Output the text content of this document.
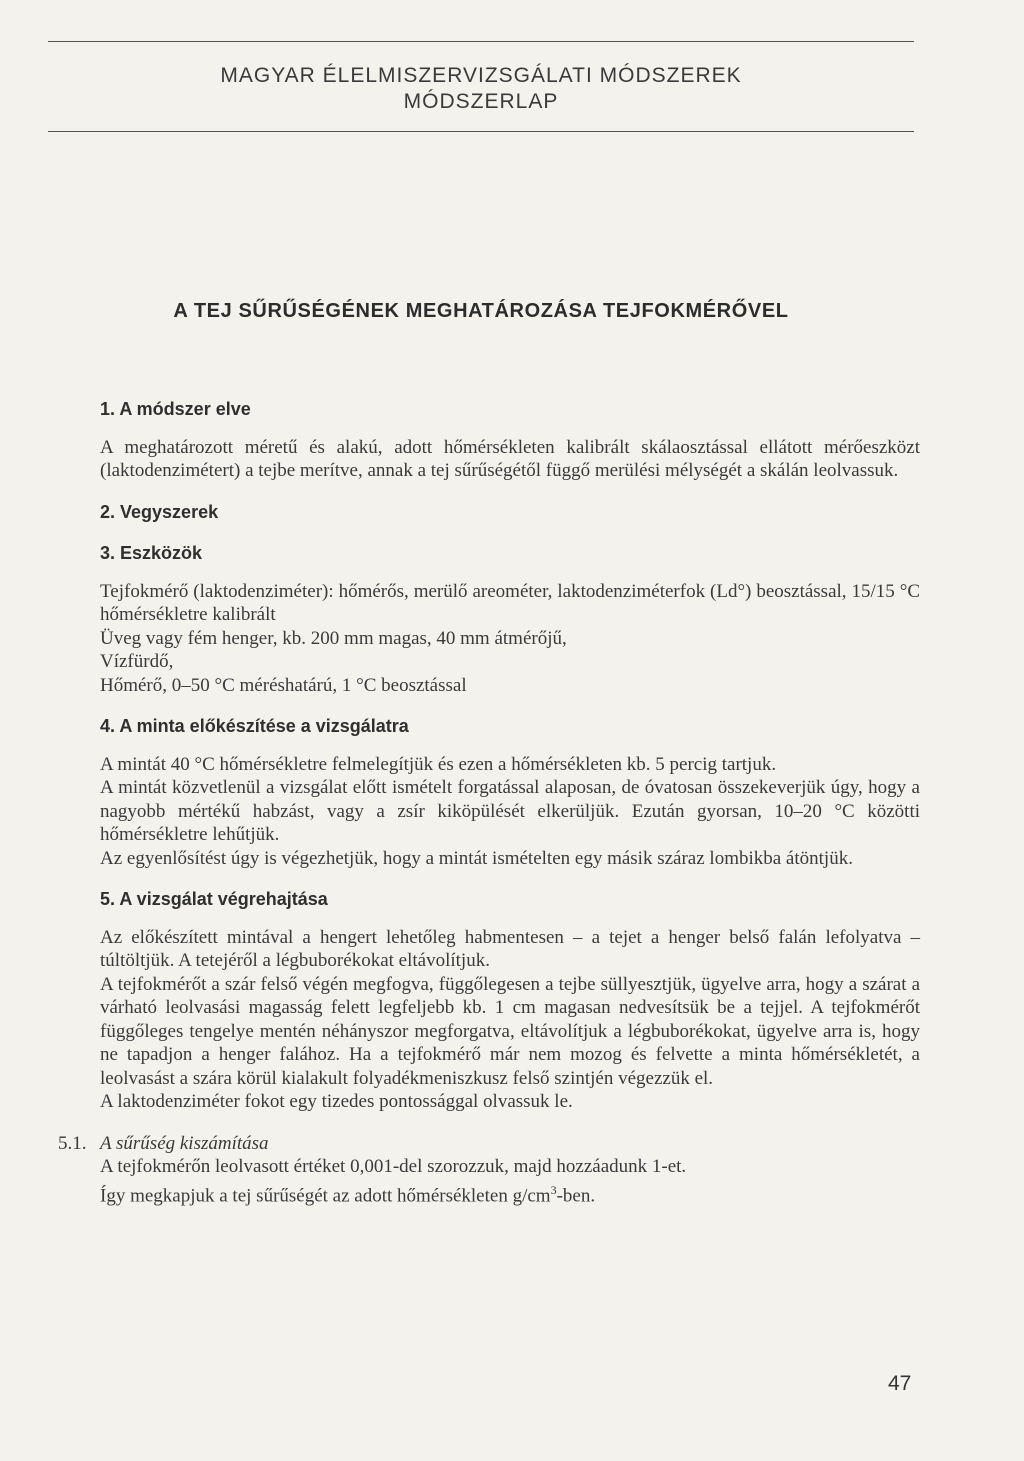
MAGYAR ÉLELMISZERVIZSGÁLATI MÓDSZEREK
MÓDSZERLAP
A TEJ SŰRŰSÉGÉNEK MEGHATÁROZÁSA TEJFOKMÉRŐVEL

1. A módszer elve

A meghatározott méretű és alakú, adott hőmérsékleten kalibrált skálaosztással ellátott mérőeszközt (laktodenzimétert) a tejbe merítve, annak a tej sűrűségétől függő merülési mélységét a skálán leolvassuk.

2. Vegyszerek

3. Eszközök

Tejfokmérő (laktodenziméter): hőmérős, merülő areométer, laktodenziméterfok (Ld°) beosztással, 15/15 °C hőmérsékletre kalibrált

Üveg vagy fém henger, kb. 200 mm magas, 40 mm átmérőjű,
Vízfürdő,
Hőmérő, 0–50 °C méréshatárú, 1 °C beosztással

4. A minta előkészítése a vizsgálatra

A mintát 40 °C hőmérsékletre felmelegítjük és ezen a hőmérsékleten kb. 5 percig tartjuk.

A mintát közvetlenül a vizsgálat előtt ismételt forgatással alaposan, de óvatosan összekeverjük úgy, hogy a nagyobb mértékű habzást, vagy a zsír kiköpülését elkerüljük. Ezután gyorsan, 10–20 °C közötti hőmérsékletre lehűtjük.

Az egyenlősítést úgy is végezhetjük, hogy a mintát ismételten egy másik száraz lombikba átöntjük.

5. A vizsgálat végrehajtása

Az előkészített mintával a hengert lehetőleg habmentesen – a tejet a henger belső falán lefolyatva – túltöltjük. A tetejéről a légbuborékokat eltávolítjuk.

A tejfokmérőt a szár felső végén megfogva, függőlegesen a tejbe süllyesztjük, ügyelve arra, hogy a szárat a várható leolvasási magasság felett legfeljebb kb. 1 cm magasan nedvesítsük be a tejjel. A tejfokmérőt függőleges tengelye mentén néhányszor megforgatva, eltávolítjuk a légbuborékokat, ügyelve arra is, hogy ne tapadjon a henger falához. Ha a tejfokmérő már nem mozog és felvette a minta hőmérsékletét, a leolvasást a szára körül kialakult folyadékmeniszkusz felső szintjén végezzük el.

A laktodenziméter fokot egy tizedes pontossággal olvassuk le.

5.1. A sűrűség kiszámítása

A tejfokmérőn leolvasott értéket 0,001-del szorozzuk, majd hozzáadunk 1-et.

Így megkapjuk a tej sűrűségét az adott hőmérsékleten $g/cm^3$-ben.

47
